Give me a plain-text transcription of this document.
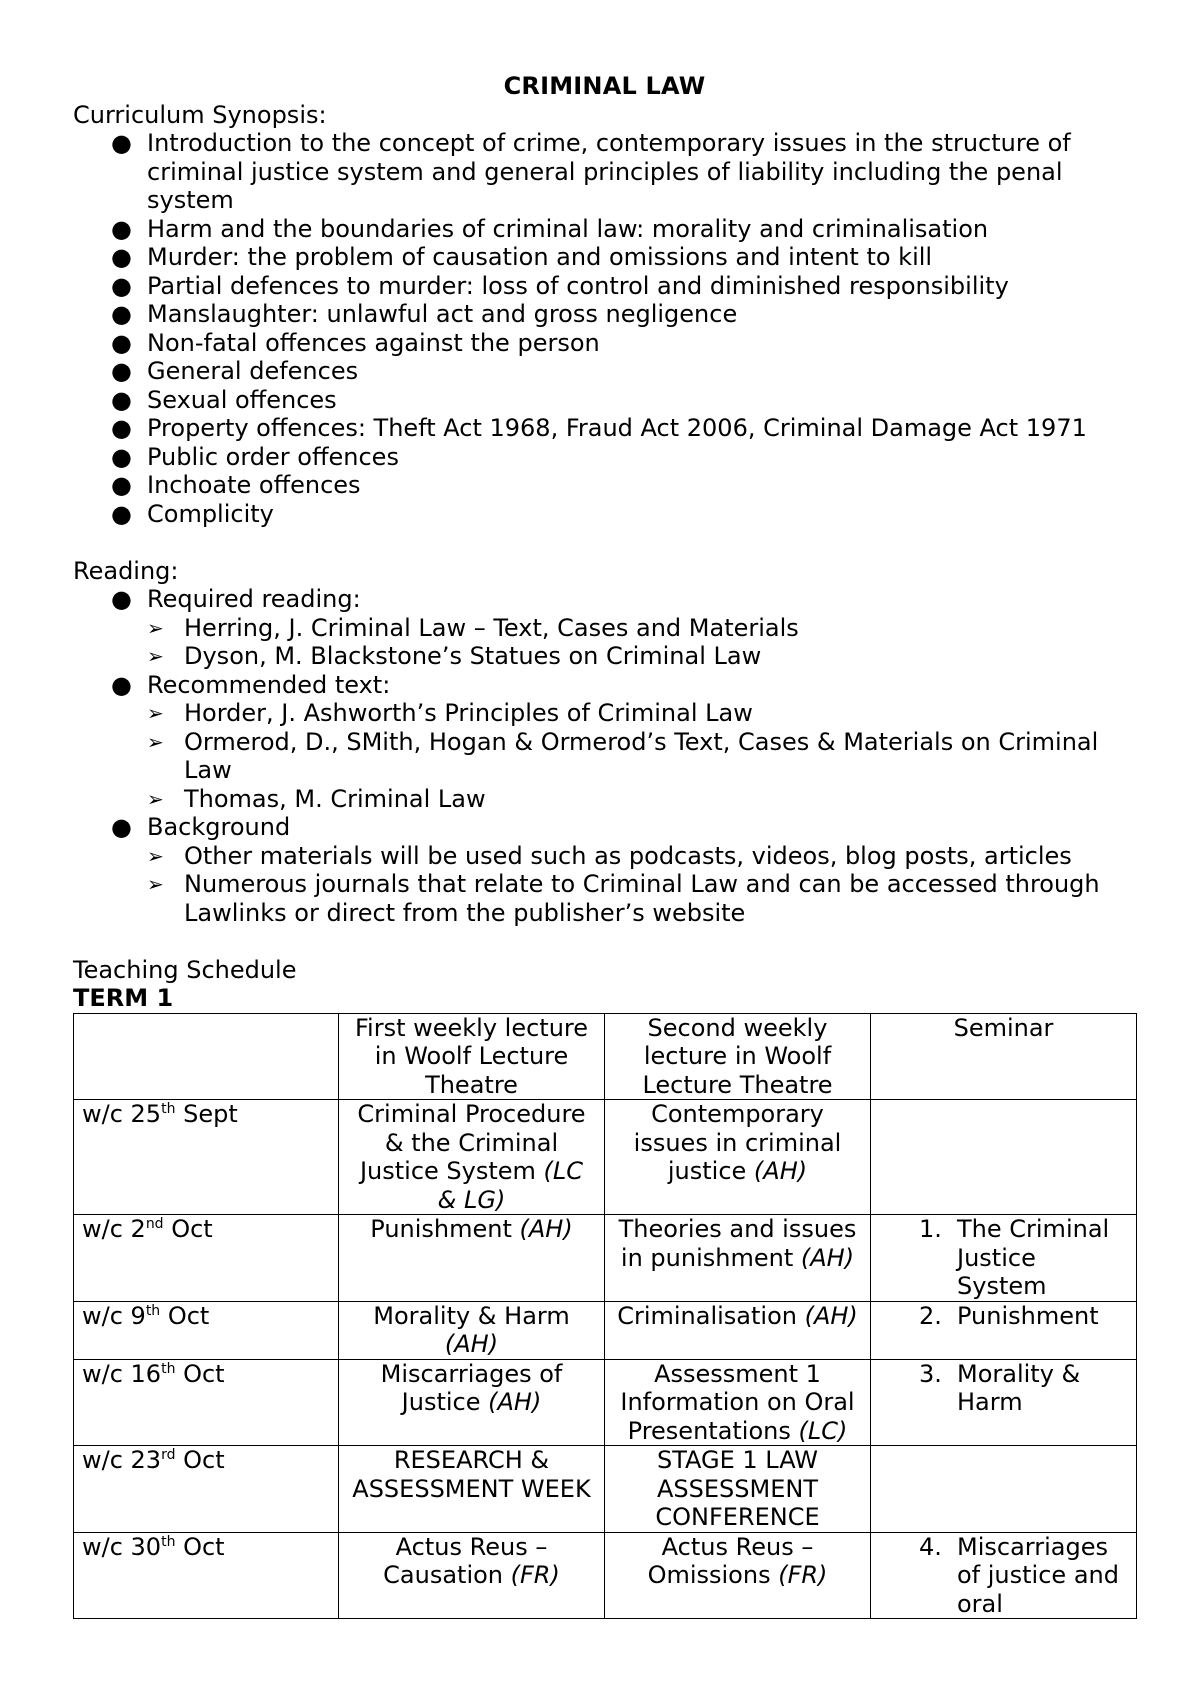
CRIMINAL LAW
Curriculum Synopsis:
● Introduction to the concept of crime, contemporary issues in the structure of criminal justice system and general principles of liability including the penal system
● Harm and the boundaries of criminal law: morality and criminalisation
● Murder: the problem of causation and omissions and intent to kill
● Partial defences to murder: loss of control and diminished responsibility
● Manslaughter: unlawful act and gross negligence
● Non-fatal offences against the person
● General defences
● Sexual offences
● Property offences: Theft Act 1968, Fraud Act 2006, Criminal Damage Act 1971
● Public order offences
● Inchoate offences
● Complicity
Reading:
● Required reading:
➢ Herring, J. Criminal Law – Text, Cases and Materials
➢ Dyson, M. Blackstone’s Statues on Criminal Law
● Recommended text:
➢ Horder, J. Ashworth’s Principles of Criminal Law
➢ Ormerod, D., SMith, Hogan & Ormerod’s Text, Cases & Materials on Criminal Law
➢ Thomas, M. Criminal Law
● Background
➢ Other materials will be used such as podcasts, videos, blog posts, articles
➢ Numerous journals that relate to Criminal Law and can be accessed through Lawlinks or direct from the publisher’s website
Teaching Schedule
TERM 1
	First weekly lecture in Woolf Lecture Theatre	Second weekly lecture in Woolf Lecture Theatre	Seminar
w/c 25th Sept	Criminal Procedure & the Criminal Justice System (LC & LG)	Contemporary issues in criminal justice (AH)	

w/c 2nd Oct	Punishment (AH)	Theories and issues in punishment (AH)	1. The Criminal Justice System

w/c 9th Oct	Morality & Harm (AH)	Criminalisation (AH)	2. Punishment

w/c 16th Oct	Miscarriages of Justice (AH)	Assessment 1 Information on Oral Presentations (LC)	3. Morality & Harm

w/c 23rd Oct	RESEARCH & ASSESSMENT WEEK	STAGE 1 LAW ASSESSMENT CONFERENCE	

w/c 30th Oct	Actus Reus – Causation (FR)	Actus Reus – Omissions (FR)	4. Miscarriages of justice and oral
